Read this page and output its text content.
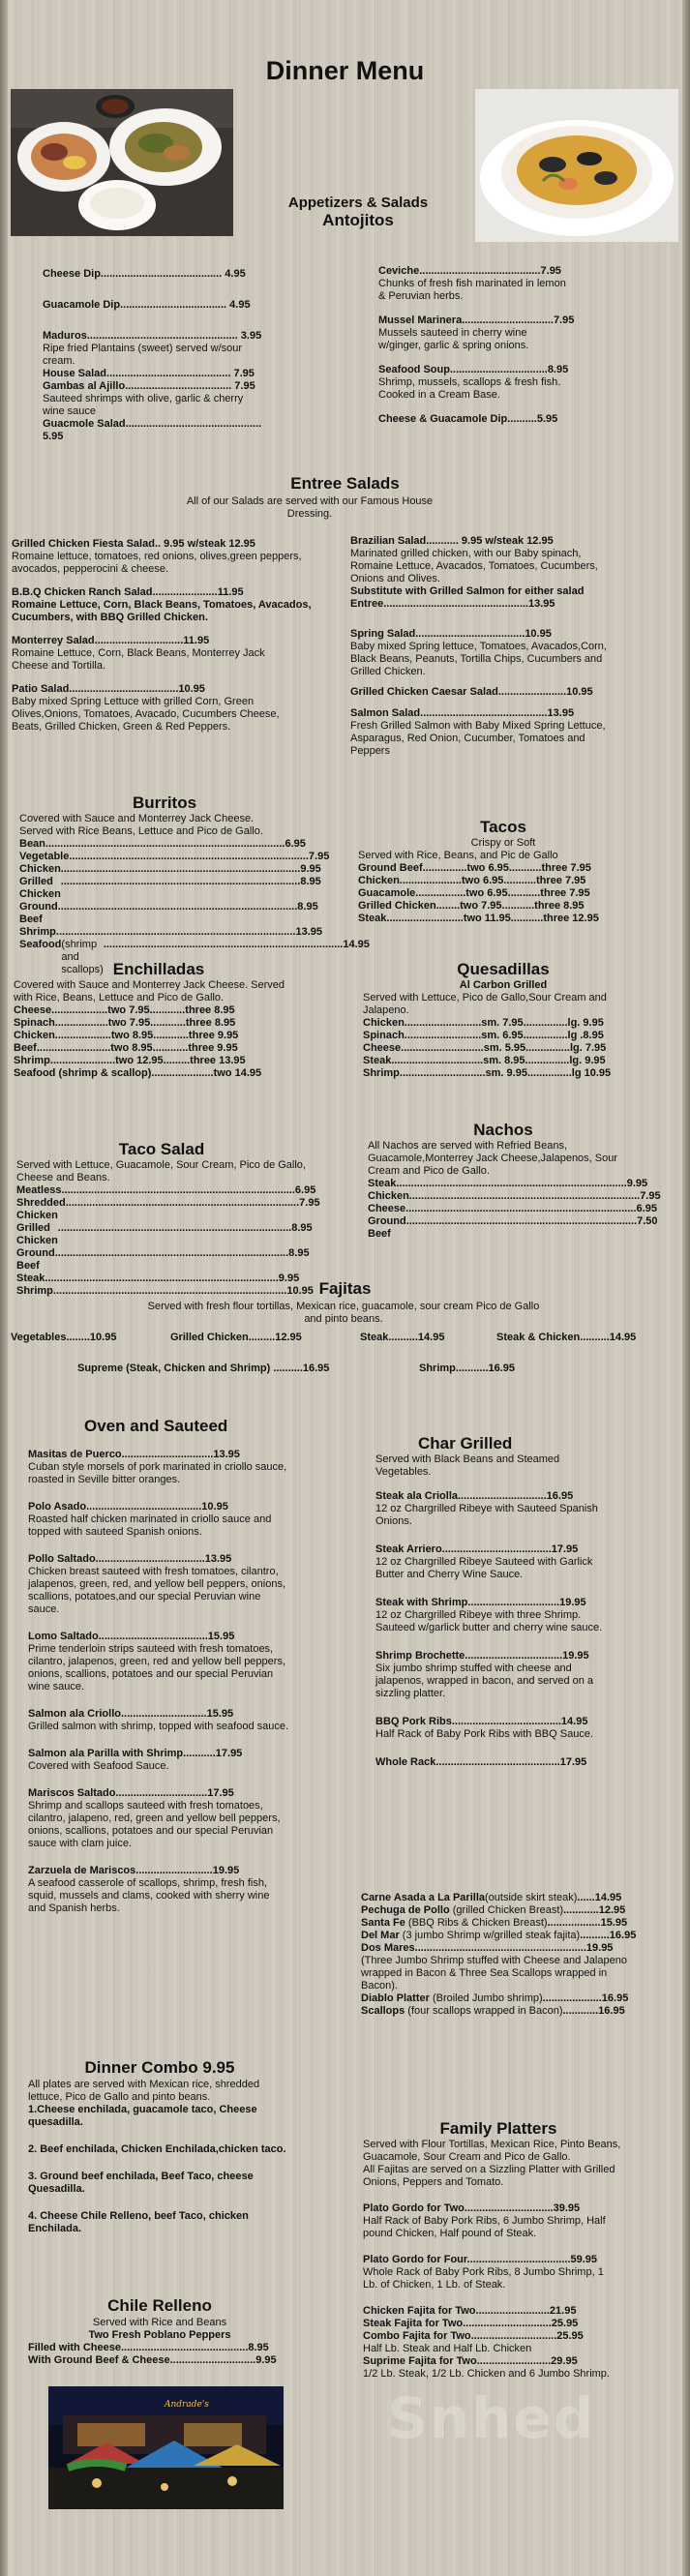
Dinner Menu
Appetizers & Salads
Antojitos
Cheese Dip......................................... 4.95
Guacamole Dip.................................... 4.95
Maduros................................................... 3.95
Ripe fried Plantains (sweet) served w/sour cream.
House Salad.......................................... 7.95
Gambas al Ajillo.................................... 7.95
Sauteed shrimps with olive, garlic & cherry wine sauce
Guacmole Salad.............................................. 5.95
Ceviche.........................................7.95
Chunks of fresh fish marinated in lemon & Peruvian herbs.
Mussel Marinera...............................7.95
Mussels sauteed in cherry wine w/ginger, garlic & spring onions.
Seafood Soup.................................8.95
Shrimp, mussels, scallops & fresh fish. Cooked in a Cream Base.
Cheese & Guacamole Dip..........5.95
Entree Salads
All of our Salads are served with our Famous House Dressing.
Grilled Chicken Fiesta Salad.. 9.95 w/steak 12.95
Romaine lettuce, tomatoes, red onions, olives,green peppers, avocados, pepperocini & cheese.
B.B.Q Chicken Ranch Salad......................11.95
Romaine Lettuce, Corn, Black Beans, Tomatoes, Avacados, Cucumbers, with BBQ Grilled Chicken.
Monterrey Salad..............................11.95
Romaine Lettuce, Corn, Black Beans, Monterrey Jack Cheese and Tortilla.
Patio Salad.....................................10.95
Baby mixed Spring Lettuce with grilled Corn, Green Olives,Onions, Tomatoes, Avacado, Cucumbers Cheese, Beats, Grilled Chicken, Green & Red Peppers.
Brazilian Salad........... 9.95 w/steak 12.95
Marinated grilled chicken, with our Baby spinach, Romaine Lettuce, Avacados, Tomatoes, Cucumbers, Onions and Olives.
Substitute with Grilled Salmon for either salad Entree.................................................13.95
Spring Salad.....................................10.95
Baby mixed Spring lettuce, Tomatoes, Avacados,Corn, Black Beans, Peanuts, Tortilla Chips, Cucumbers and Grilled Chicken.
Grilled Chicken Caesar Salad.......................10.95
Salmon Salad...........................................13.95
Fresh Grilled Salmon with Baby Mixed Spring Lettuce, Asparagus, Red Onion, Cucumber, Tomatoes and Peppers
Burritos
Covered with Sauce and Monterrey Jack Cheese.
Served with Rice Beans, Lettuce and Pico de Gallo.
Bean ................................................................................. 6.95
Vegetable ................................................................................. 7.95
Chicken ................................................................................. 9.95
Grilled Chicken
................................................................................. 8.95
Ground Beef
................................................................................. 8.95
Shrimp ................................................................................. 13.95
Seafood (shrimp and scallops)
................................................................................. 14.95
Tacos
Crispy or Soft
Served with Rice, Beans, and Pic de Gallo
Ground Beef...............two 6.95...........three 7.95
Chicken.....................two 6.95...........three 7.95
Guacamole.................two 6.95...........three 7.95
Grilled Chicken........two 7.95...........three 8.95
Steak..........................two 11.95...........three 12.95
Enchilladas
Covered with Sauce and Monterrey Jack Cheese. Served with Rice, Beans, Lettuce and Pico de Gallo.
Cheese...................two 7.95............three 8.95
Spinach..................two 7.95............three 8.95
Chicken...................two 8.95............three 9.95
Beef.........................two 8.95............three 9.95
Shrimp......................two 12.95.........three 13.95
Seafood (shrimp & scallop).....................two 14.95
Quesadillas
Al Carbon Grilled
Served with Lettuce, Pico de Gallo,Sour Cream and Jalapeno.
Chicken..........................sm. 7.95...............lg. 9.95
Spinach..........................sm. 6.95...............lg .8.95
Cheese............................sm. 5.95...............lg. 7.95
Steak...............................sm. 8.95...............lg. 9.95
Shrimp.............................sm. 9.95...............lg 10.95
Taco Salad
Served with Lettuce, Guacamole, Sour Cream, Pico de Gallo, Cheese and Beans.
Meatless ............................................................................... 6.95
Shredded Chicken
............................................................................... 7.95
Grilled Chicken
............................................................................... 8.95
Ground Beef
............................................................................... 8.95
Steak ............................................................................... 9.95
Shrimp ............................................................................... 10.95
Nachos
All Nachos are served with Refried Beans, Guacamole,Monterrey Jack Cheese,Jalapenos, Sour Cream and Pico de Gallo.
Steak .............................................................................. 9.95
Chicken .............................................................................. 7.95
Cheese .............................................................................. 6.95
Ground Beef
.............................................................................. 7.50
Fajitas
Served with fresh flour tortillas, Mexican rice, guacamole, sour cream Pico de Gallo and pinto beans.
Vegetables........10.95	Grilled Chicken.........12.95	Steak..........14.95	Steak & Chicken..........14.95
Supreme (Steak, Chicken and Shrimp) ..........16.95	Shrimp...........16.95
Oven and Sauteed
Masitas de Puerco...............................13.95
Cuban style morsels of pork marinated in criollo sauce, roasted in Seville bitter oranges.
Polo Asado.......................................10.95
Roasted half chicken marinated in criollo sauce and topped with sauteed Spanish onions.
Pollo Saltado.....................................13.95
Chicken breast sauteed with fresh tomatoes, cilantro, jalapenos, green, red, and yellow bell peppers, onions, scallions, potatoes,and our special Peruvian wine sauce.
Lomo Saltado.....................................15.95
Prime tenderloin strips sauteed with fresh tomatoes, cilantro, jalapenos, green, red and yellow bell peppers, onions, scallions, potatoes and our special Peruvian wine sauce.
Salmon ala Criollo.............................15.95
Grilled salmon with shrimp, topped with seafood sauce.
Salmon ala Parilla with Shrimp...........17.95
Covered with Seafood Sauce.
Mariscos Saltado...............................17.95
Shrimp and scallops sauteed with fresh tomatoes, cilantro, jalapeno, red, green and yellow bell peppers, onions, scallions, potatoes and our special Peruvian sauce with clam juice.
Zarzuela de Mariscos..........................19.95
A seafood casserole of scallops, shrimp, fresh fish, squid, mussels and clams, cooked with sherry wine and Spanish herbs.
Char Grilled
Served with Black Beans and Steamed Vegetables.
Steak ala Criolla..............................16.95
12 oz Chargrilled Ribeye with Sauteed Spanish Onions.
Steak Arriero.....................................17.95
12 oz Chargrilled Ribeye Sauteed with Garlick Butter and Cherry Wine Sauce.
Steak with Shrimp...............................19.95
12 oz Chargrilled Ribeye with three Shrimp. Sauteed w/garlick butter and cherry wine sauce.
Shrimp Brochette.................................19.95
Six jumbo shrimp stuffed with cheese and jalapenos, wrapped in bacon, and served on a sizzling platter.
BBQ Pork Ribs.....................................14.95
Half Rack of Baby Pork Ribs with BBQ Sauce.
Whole Rack..........................................17.95
Carne Asada a La Parilla(outside skirt steak)......14.95
Pechuga de Pollo (grilled Chicken Breast)............12.95
Santa Fe (BBQ Ribs & Chicken Breast)..................15.95
Del Mar (3 jumbo Shrimp w/grilled steak fajita)..........16.95
Dos Mares..........................................................19.95
(Three Jumbo Shrimp stuffed with Cheese and Jalapeno wrapped in Bacon & Three Sea Scallops wrapped in Bacon).
Diablo Platter (Broiled Jumbo shrimp)....................16.95
Scallops (four scallops wrapped in Bacon)............16.95
Dinner Combo 9.95
All plates are served with Mexican rice, shredded lettuce, Pico de Gallo and pinto beans.
1.Cheese enchilada, guacamole taco, Cheese quesadilla.
2. Beef enchilada, Chicken Enchilada,chicken taco.
3. Ground beef enchilada, Beef Taco, cheese Quesadilla.
4. Cheese Chile Relleno, beef Taco, chicken Enchilada.
Chile Relleno
Served with Rice and Beans
Two Fresh Poblano Peppers
Filled with Cheese...........................................8.95
With Ground Beef & Cheese.............................9.95
Andrade's
Family Platters
Served with Flour Tortillas, Mexican Rice, Pinto Beans, Guacamole, Sour Cream and Pico de Gallo.
All Fajitas are served on a Sizzling Platter with Grilled Onions, Peppers and Tomato.
Plato Gordo for Two..............................39.95
Half Rack of Baby Pork Ribs, 6 Jumbo Shrimp, Half pound Chicken, Half pound of Steak.
Plato Gordo for Four...................................59.95
Whole Rack of Baby Pork Ribs, 8 Jumbo Shrimp, 1 Lb. of Chicken, 1 Lb. of Steak.
Chicken Fajita for Two.........................21.95
Steak Fajita for Two..............................25.95
Combo Fajita for Two.............................25.95
Half Lb. Steak and Half Lb. Chicken
Suprime Fajita for Two.........................29.95
1/2 Lb. Steak, 1/2 Lb. Chicken and 6 Jumbo Shrimp.
Snhed
